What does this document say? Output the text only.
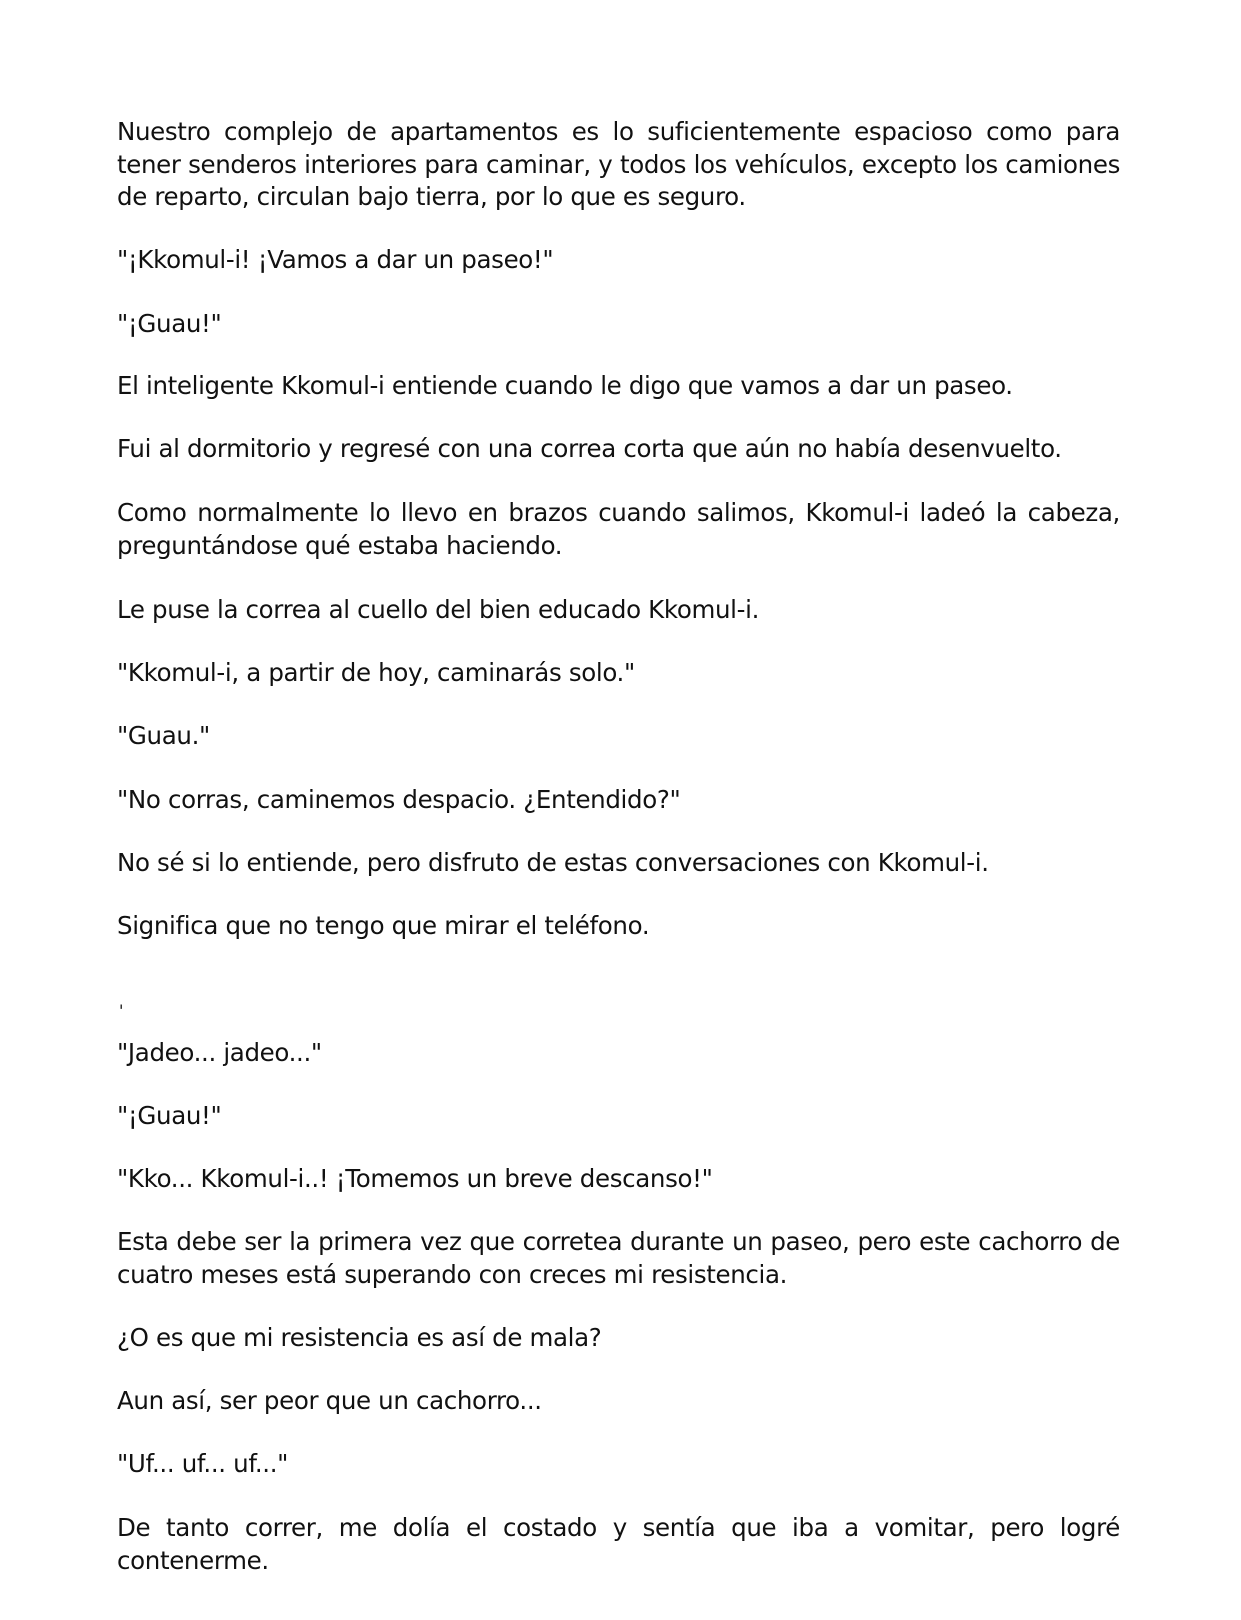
Nuestro complejo de apartamentos es lo suficientemente espacioso como para tener senderos interiores para caminar, y todos los vehículos, excepto los camiones de reparto, circulan bajo tierra, por lo que es seguro.

"¡Kkomul-i! ¡Vamos a dar un paseo!"

"¡Guau!"

El inteligente Kkomul-i entiende cuando le digo que vamos a dar un paseo.

Fui al dormitorio y regresé con una correa corta que aún no había desenvuelto.

Como normalmente lo llevo en brazos cuando salimos, Kkomul-i ladeó la cabeza, preguntándose qué estaba haciendo.

Le puse la correa al cuello del bien educado Kkomul-i.

"Kkomul-i, a partir de hoy, caminarás solo."

"Guau."

"No corras, caminemos despacio. ¿Entendido?"

No sé si lo entiende, pero disfruto de estas conversaciones con Kkomul-i.

Significa que no tengo que mirar el teléfono.

'

"Jadeo... jadeo..."

"¡Guau!"

"Kko... Kkomul-i..! ¡Tomemos un breve descanso!"

Esta debe ser la primera vez que corretea durante un paseo, pero este cachorro de cuatro meses está superando con creces mi resistencia.

¿O es que mi resistencia es así de mala?

Aun así, ser peor que un cachorro...

"Uf... uf... uf..."

De tanto correr, me dolía el costado y sentía que iba a vomitar, pero logré contenerme.
